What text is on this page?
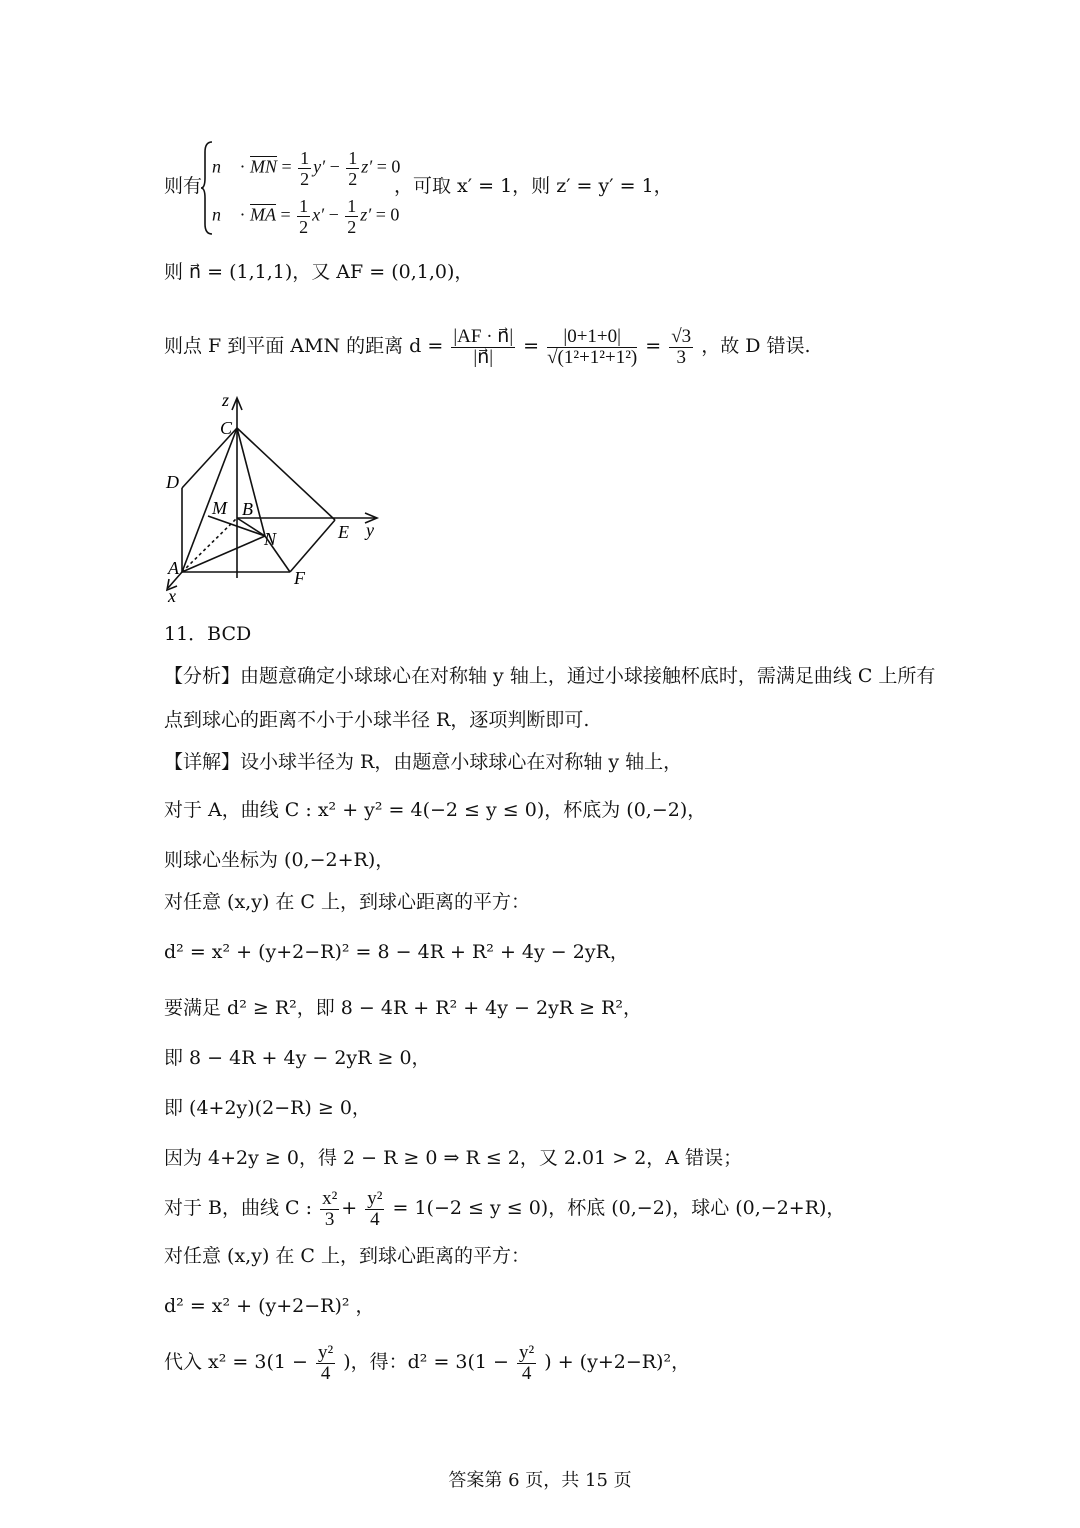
则有
n⃗ · $\overline{MN} = \frac{1}{2} y' - \frac{1}{2} z' = 0$
n⃗ · $\overline{MA} = \frac{1}{2} x' - \frac{1}{2} z' = 0$
，可取 x′ = 1，则 z′ = y′ = 1，
则 n⃗ = (1,1,1)，又 AF = (0,1,0)，
则点 F 到平面 AMN 的距离 $d = \frac{|AF \cdot n⃗|}{|n⃗|} = \frac{|0+1+0|}{\text{√(1²+1²+1²)}} = \frac{√3}{3}$ ，故 D 错误.
z
C
D
M B
E y
N
A	F
x
11．BCD
【分析】由题意确定小球球心在对称轴 y 轴上，通过小球接触杯底时，需满足曲线 C 上所有
点到球心的距离不小于小球半径 R，逐项判断即可.
【详解】设小球半径为 R，由题意小球球心在对称轴 y 轴上，
对于 A，曲线 C : x² + y² = 4(−2 ≤ y ≤ 0)，杯底为 (0,−2)，
则球心坐标为 (0,−2+R)，
对任意 (x,y) 在 C 上，到球心距离的平方：
d² = x² + (y+2−R)² = 8 − 4R + R² + 4y − 2yR，
要满足 d² ≥ R²，即 8 − 4R + R² + 4y − 2yR ≥ R²，
即 8 − 4R + 4y − 2yR ≥ 0，
即 (4+2y)(2−R) ≥ 0，
因为 4+2y ≥ 0，得 2 − R ≥ 0 ⇒ R ≤ 2，又 2.01 > 2，A 错误；
对于 B，曲线 C : $\frac{\text{x²}}{3} + \frac{\text{y²}}{4} = 1(-2 \le y \le 0)$，杯底 (0,−2)，球心 (0,−2+R)，
对任意 (x,y) 在 C 上，到球心距离的平方：
d² = x² + (y+2−R)² ，
代入 $x^2 = 3(1 - \frac{\text{y²}}{4}$ )，得：$d^2 = 3(1 - \frac{\text{y²}}{4}$ ) + (y+2−R)²，
答案第 6 页，共 15 页
